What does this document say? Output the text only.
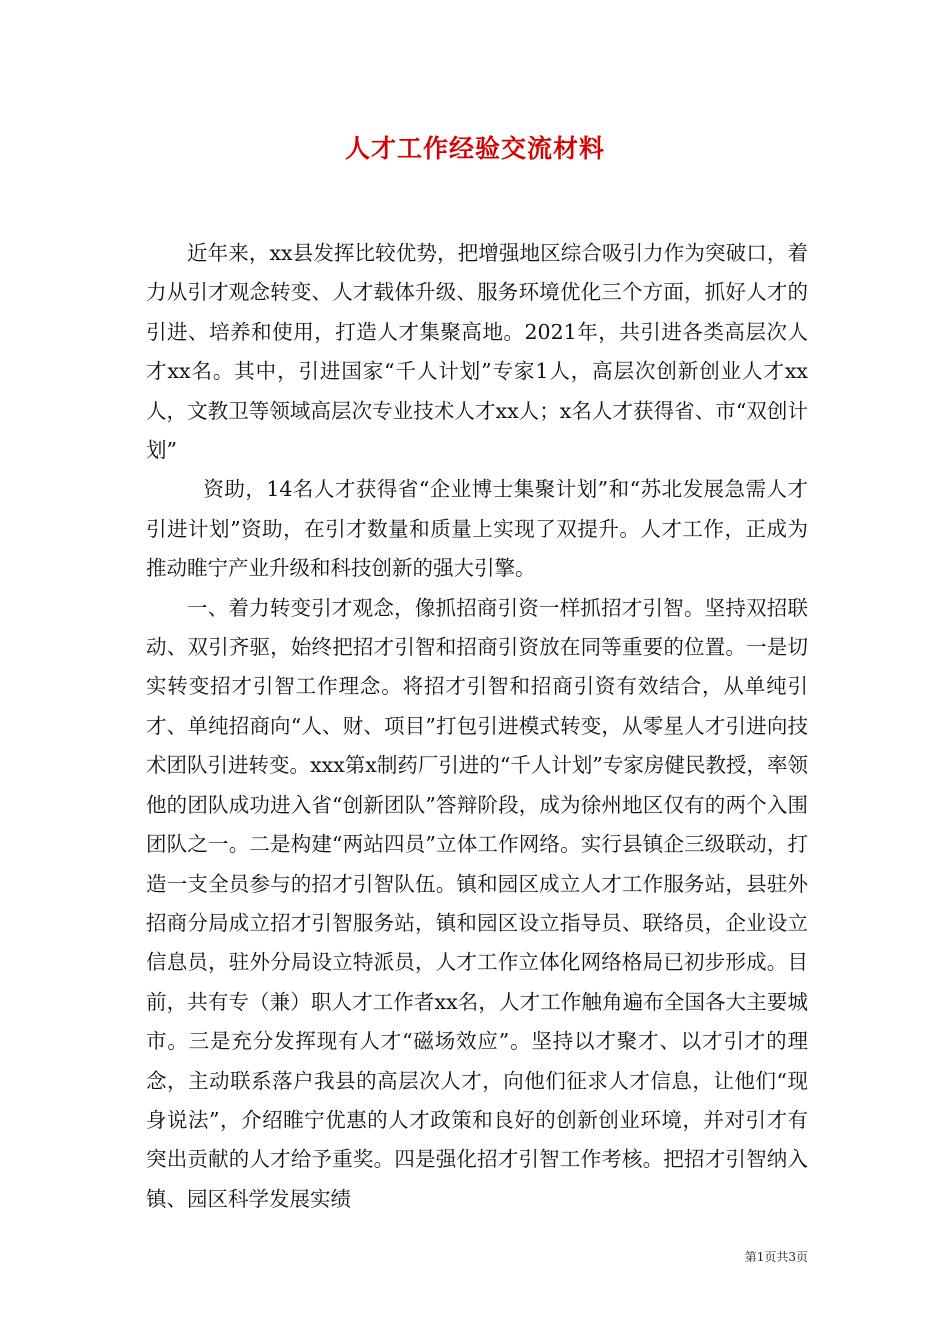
人才工作经验交流材料

近年来，xx县发挥比较优势，把增强地区综合吸引力作为突破口，着力从引才观念转变、人才载体升级、服务环境优化三个方面，抓好人才的引进、培养和使用，打造人才集聚高地。2021年，共引进各类高层次人才xx名。其中，引进国家“千人计划”专家1人，高层次创新创业人才xx人，文教卫等领域高层次专业技术人才xx人；x名人才获得省、市“双创计划”

资助，14名人才获得省“企业博士集聚计划”和“苏北发展急需人才引进计划”资助，在引才数量和质量上实现了双提升。人才工作，正成为推动睢宁产业升级和科技创新的强大引擎。

一、着力转变引才观念，像抓招商引资一样抓招才引智。坚持双招联动、双引齐驱，始终把招才引智和招商引资放在同等重要的位置。一是切实转变招才引智工作理念。将招才引智和招商引资有效结合，从单纯引才、单纯招商向“人、财、项目”打包引进模式转变，从零星人才引进向技术团队引进转变。xxx第x制药厂引进的“千人计划”专家房健民教授，率领他的团队成功进入省“创新团队”答辩阶段，成为徐州地区仅有的两个入围团队之一。二是构建“两站四员”立体工作网络。实行县镇企三级联动，打造一支全员参与的招才引智队伍。镇和园区成立人才工作服务站，县驻外招商分局成立招才引智服务站，镇和园区设立指导员、联络员，企业设立信息员，驻外分局设立特派员，人才工作立体化网络格局已初步形成。目前，共有专（兼）职人才工作者xx名，人才工作触角遍布全国各大主要城市。三是充分发挥现有人才“磁场效应”。坚持以才聚才、以才引才的理念，主动联系落户我县的高层次人才，向他们征求人才信息，让他们“现身说法”，介绍睢宁优惠的人才政策和良好的创新创业环境，并对引才有突出贡献的人才给予重奖。四是强化招才引智工作考核。把招才引智纳入镇、园区科学发展实绩

第1页共3页
